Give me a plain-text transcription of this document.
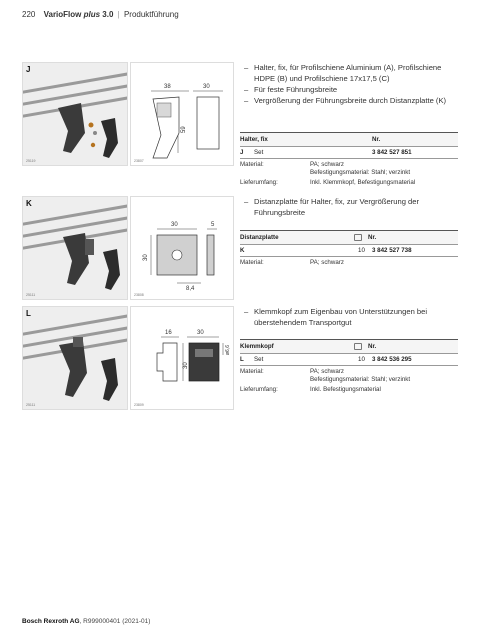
220 VarioFlow plus 3.0 | Produktführung
J
25119
38	30
59
23807
– Halter, fix, für Profilschiene Aluminium (A), Profilschiene HDPE (B) und Profilschiene 17x17,5 (C)
– Für feste Führungsbreite
– Vergrößerung der Führungsbreite durch Distanzplatte (K)
Halter, fix	Nr.
J	Set	3 842 527 851
Material:	PA; schwarz
Befestigungsmaterial: Stahl; verzinkt
Lieferumfang:	Inkl. Klemmkopf, Befestigungsmaterial
K
25111
30	5
30
8,4
23808
– Distanzplatte für Halter, fix, zur Vergrößerung der Führungsbreite
Distanzplatte	Nr.
K	10	3 842 527 738
Material:	PA; schwarz
L
25111
16	30
30
ø6,6
23809
– Klemmkopf zum Eigenbau von Unterstützungen bei überstehendem Transportgut
Klemmkopf	Nr.
L	Set	10	3 842 536 295
Material:	PA; schwarz
Befestigungsmaterial: Stahl; verzinkt
Lieferumfang:	Inkl. Befestigungsmaterial
Bosch Rexroth AG, R999000401 (2021-01)
